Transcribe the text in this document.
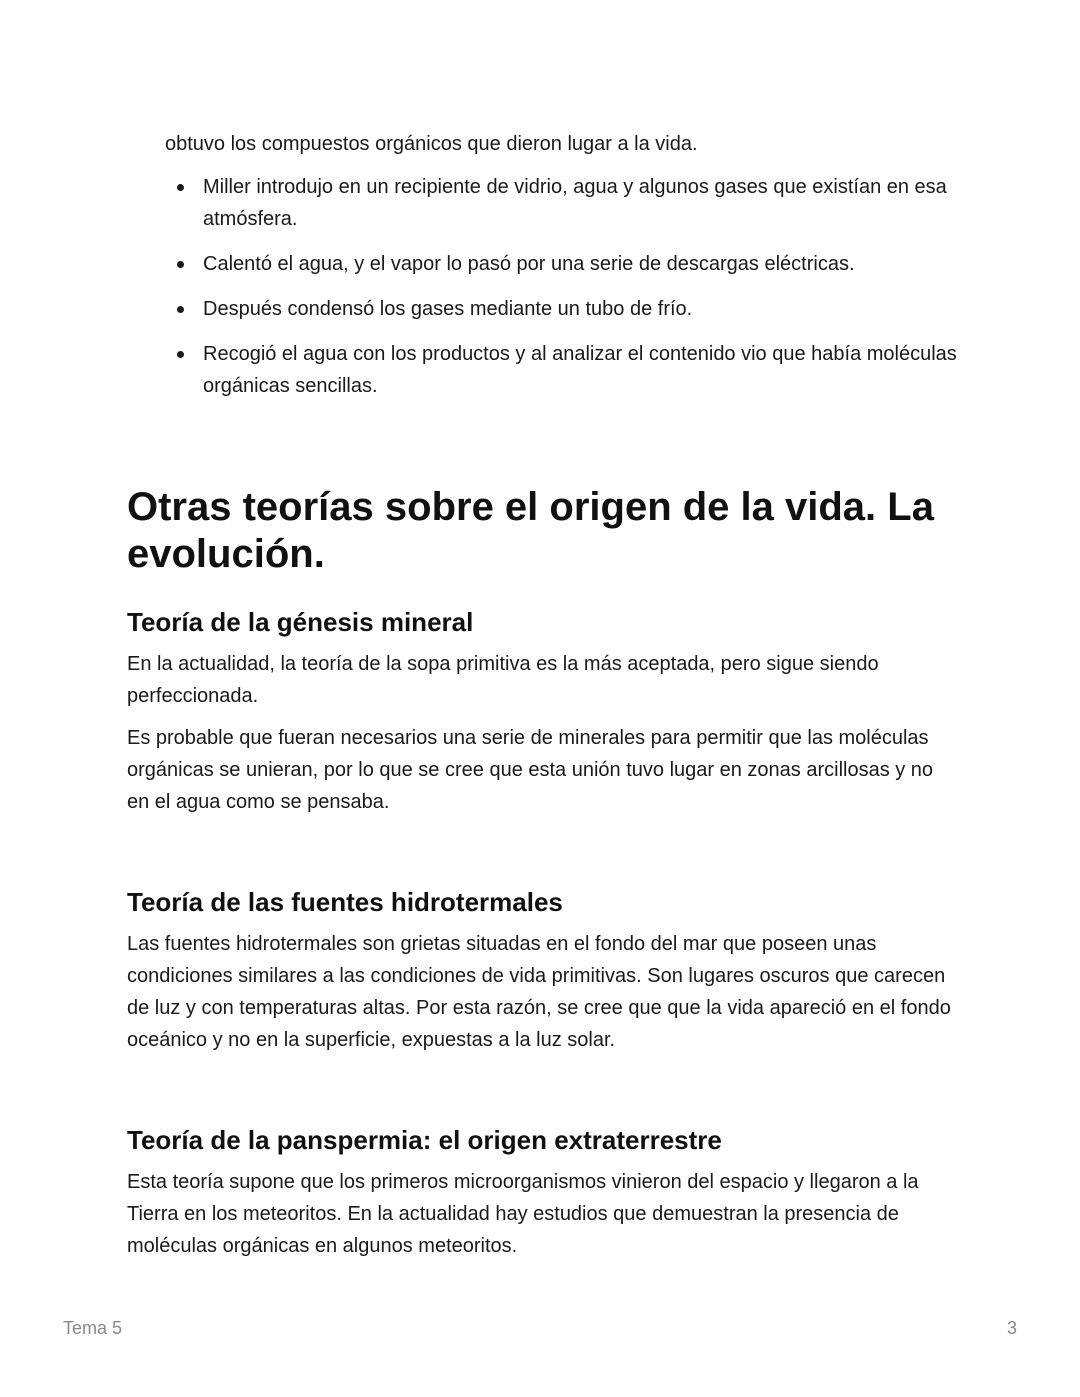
obtuvo los compuestos orgánicos que dieron lugar a la vida.

Miller introdujo en un recipiente de vidrio, agua y algunos gases que existían en esa atmósfera.
Calentó el agua, y el vapor lo pasó por una serie de descargas eléctricas.
Después condensó los gases mediante un tubo de frío.
Recogió el agua con los productos y al analizar el contenido vio que había moléculas orgánicas sencillas.
Otras teorías sobre el origen de la vida. La evolución.
Teoría de la génesis mineral

En la actualidad, la teoría de la sopa primitiva es la más aceptada, pero sigue siendo perfeccionada.

Es probable que fueran necesarios una serie de minerales para permitir que las moléculas orgánicas se unieran, por lo que se cree que esta unión tuvo lugar en zonas arcillosas y no en el agua como se pensaba.

Teoría de las fuentes hidrotermales

Las fuentes hidrotermales son grietas situadas en el fondo del mar que poseen unas condiciones similares a las condiciones de vida primitivas. Son lugares oscuros que carecen de luz y con temperaturas altas. Por esta razón, se cree que que la vida apareció en el fondo oceánico y no en la superficie, expuestas a la luz solar.

Teoría de la panspermia: el origen extraterrestre

Esta teoría supone que los primeros microorganismos vinieron del espacio y llegaron a la Tierra en los meteoritos. En la actualidad hay estudios que demuestran la presencia de moléculas orgánicas en algunos meteoritos.

Tema 5	3
